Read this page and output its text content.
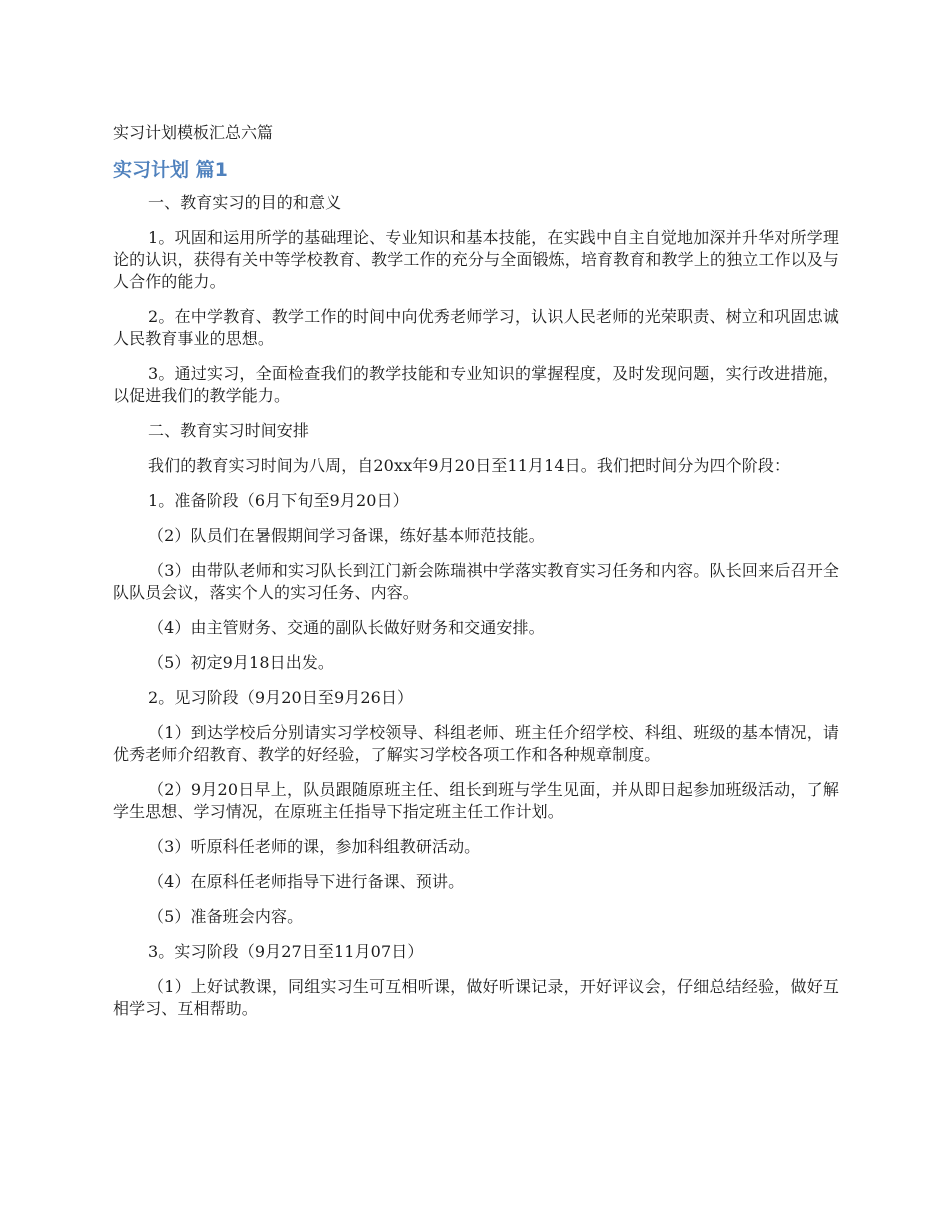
实习计划模板汇总六篇
实习计划 篇1

一、教育实习的目的和意义

1。巩固和运用所学的基础理论、专业知识和基本技能，在实践中自主自觉地加深并升华对所学理论的认识，获得有关中等学校教育、教学工作的充分与全面锻炼，培育教育和教学上的独立工作以及与人合作的能力。

2。在中学教育、教学工作的时间中向优秀老师学习，认识人民老师的光荣职责、树立和巩固忠诚人民教育事业的思想。

3。通过实习，全面检查我们的教学技能和专业知识的掌握程度，及时发现问题，实行改进措施，以促进我们的教学能力。

二、教育实习时间安排

我们的教育实习时间为八周，自20xx年9月20日至11月14日。我们把时间分为四个阶段：

1。准备阶段（6月下旬至9月20日）

（2）队员们在暑假期间学习备课，练好基本师范技能。

（3）由带队老师和实习队长到江门新会陈瑞祺中学落实教育实习任务和内容。队长回来后召开全队队员会议，落实个人的实习任务、内容。

（4）由主管财务、交通的副队长做好财务和交通安排。

（5）初定9月18日出发。

2。见习阶段（9月20日至9月26日）

（1）到达学校后分别请实习学校领导、科组老师、班主任介绍学校、科组、班级的基本情况，请优秀老师介绍教育、教学的好经验，了解实习学校各项工作和各种规章制度。

（2）9月20日早上，队员跟随原班主任、组长到班与学生见面，并从即日起参加班级活动，了解学生思想、学习情况，在原班主任指导下指定班主任工作计划。

（3）听原科任老师的课，参加科组教研活动。

（4）在原科任老师指导下进行备课、预讲。

（5）准备班会内容。

3。实习阶段（9月27日至11月07日）

（1）上好试教课，同组实习生可互相听课，做好听课记录，开好评议会，仔细总结经验，做好互相学习、互相帮助。
